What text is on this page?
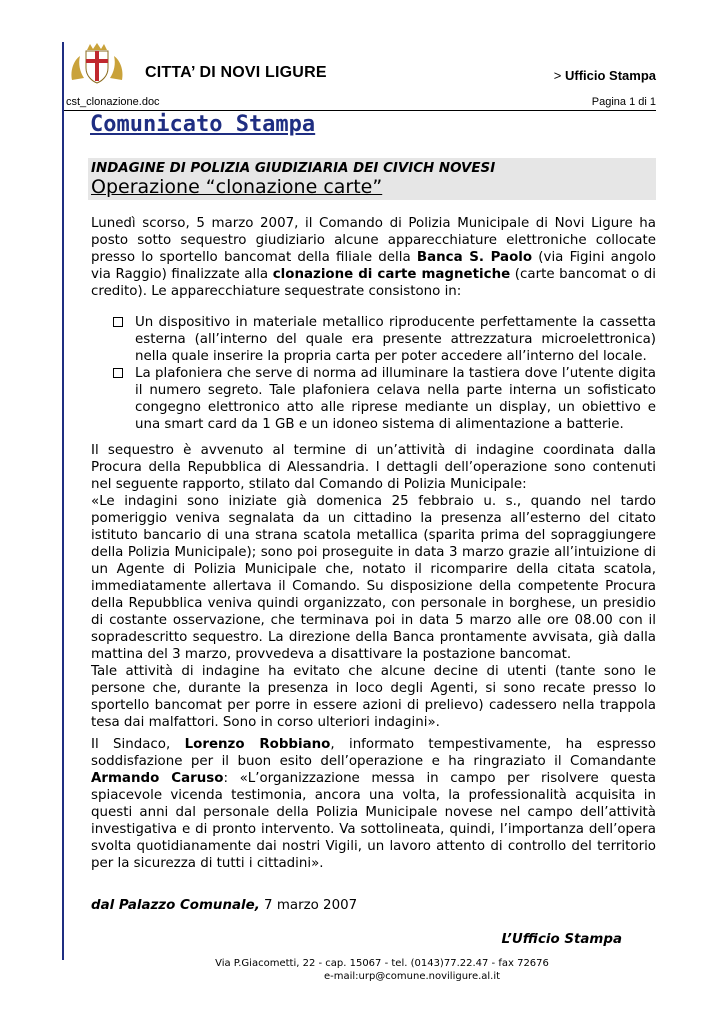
CITTA’ DI NOVI LIGURE	> Ufficio Stampa
cst_clonazione.doc	Pagina 1 di 1
Comunicato Stampa
INDAGINE DI POLIZIA GIUDIZIARIA DEI CIVICH NOVESI
Operazione “clonazione carte”
Lunedì scorso, 5 marzo 2007, il Comando di Polizia Municipale di Novi Ligure ha posto sotto sequestro giudiziario alcune apparecchiature elettroniche collocate presso lo sportello bancomat della filiale della Banca S. Paolo (via Figini angolo via Raggio) finalizzate alla clonazione di carte magnetiche (carte bancomat o di credito). Le apparecchiature sequestrate consistono in:
Un dispositivo in materiale metallico riproducente perfettamente la cassetta esterna (all’interno del quale era presente attrezzatura microelettronica) nella quale inserire la propria carta per poter accedere all’interno del locale.
La plafoniera che serve di norma ad illuminare la tastiera dove l’utente digita il numero segreto. Tale plafoniera celava nella parte interna un sofisticato congegno elettronico atto alle riprese mediante un display, un obiettivo e una smart card da 1 GB e un idoneo sistema di alimentazione a batterie.
Il sequestro è avvenuto al termine di un’attività di indagine coordinata dalla Procura della Repubblica di Alessandria. I dettagli dell’operazione sono contenuti nel seguente rapporto, stilato dal Comando di Polizia Municipale:
«Le indagini sono iniziate già domenica 25 febbraio u. s., quando nel tardo pomeriggio veniva segnalata da un cittadino la presenza all’esterno del citato istituto bancario di una strana scatola metallica (sparita prima del sopraggiungere della Polizia Municipale); sono poi proseguite in data 3 marzo grazie all’intuizione di un Agente di Polizia Municipale che, notato il ricomparire della citata scatola, immediatamente allertava il Comando. Su disposizione della competente Procura della Repubblica veniva quindi organizzato, con personale in borghese, un presidio di costante osservazione, che terminava poi in data 5 marzo alle ore 08.00 con il sopradescritto sequestro. La direzione della Banca prontamente avvisata, già dalla mattina del 3 marzo, provvedeva a disattivare la postazione bancomat.
Tale attività di indagine ha evitato che alcune decine di utenti (tante sono le persone che, durante la presenza in loco degli Agenti, si sono recate presso lo sportello bancomat per porre in essere azioni di prelievo) cadessero nella trappola tesa dai malfattori. Sono in corso ulteriori indagini».
Il Sindaco, Lorenzo Robbiano, informato tempestivamente, ha espresso soddisfazione per il buon esito dell’operazione e ha ringraziato il Comandante Armando Caruso: «L’organizzazione messa in campo per risolvere questa spiacevole vicenda testimonia, ancora una volta, la professionalità acquisita in questi anni dal personale della Polizia Municipale novese nel campo dell’attività investigativa e di pronto intervento. Va sottolineata, quindi, l’importanza dell’opera svolta quotidianamente dai nostri Vigili, un lavoro attento di controllo del territorio per la sicurezza di tutti i cittadini».
dal Palazzo Comunale, 7 marzo 2007
L’Ufficio Stampa
Via P.Giacometti, 22 - cap. 15067 - tel. (0143)77.22.47 - fax 72676
e-mail:urp@comune.noviligure.al.it
